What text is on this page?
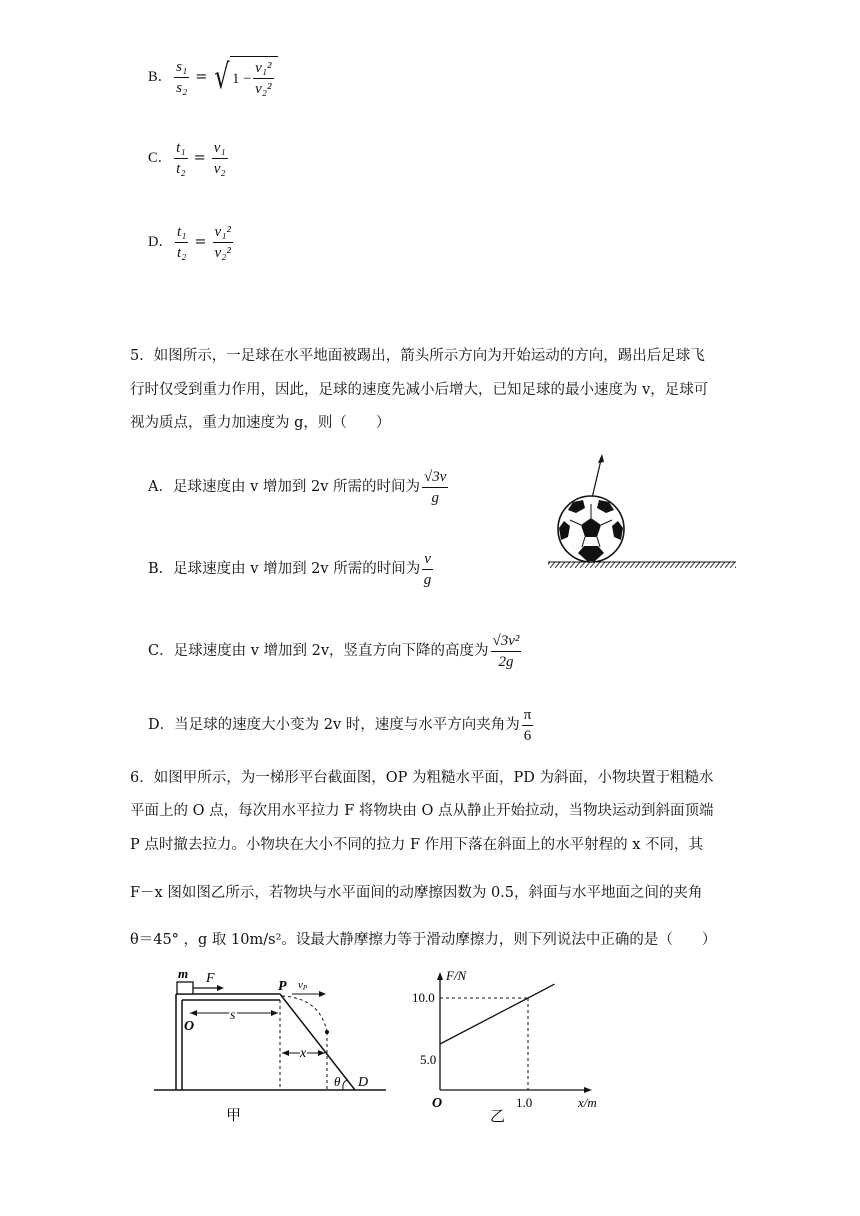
B． $\frac{\text{s₁}}{\text{s₂}}$ = √ $1 - \frac{\text{v₁²}}{\text{v₂²}}$
C． $\frac{\text{t₁}}{\text{t₂}} = \frac{\text{v₁}}{\text{v₂}}$
D． $\frac{\text{t₁}}{\text{t₂}} = \frac{\text{v₁²}}{\text{v₂²}}$
5．如图所示，一足球在水平地面被踢出，箭头所示方向为开始运动的方向，踢出后足球飞
行时仅受到重力作用，因此，足球的速度先减小后增大，已知足球的最小速度为 v，足球可
视为质点，重力加速度为 g，则（　　）
A．足球速度由 v 增加到 2v 所需的时间为 $\frac{√3v}{g}$
B．足球速度由 v 增加到 2v 所需的时间为 $\frac{v}{g}$
C．足球速度由 v 增加到 2v，竖直方向下降的高度为 $\frac{\text{√3v²}}{2g}$
D．当足球的速度大小变为 2v 时，速度与水平方向夹角为 $\frac{\pi}{6}$
6．如图甲所示，为一梯形平台截面图，OP 为粗糙水平面，PD 为斜面，小物块置于粗糙水
平面上的 O 点，每次用水平拉力 F 将物块由 O 点从静止开始拉动，当物块运动到斜面顶端
P 点时撤去拉力。小物块在大小不同的拉力 F 作用下落在斜面上的水平射程的 x 不同，其
F－x 图如图乙所示，若物块与水平面间的动摩擦因数为 0.5，斜面与水平地面之间的夹角
θ＝45° ，g 取 10m/s²。设最大静摩擦力等于滑动摩擦力，则下列说法中正确的是（　　）
m F
P vP
s
O
x
θ D
甲
F/N
x/m
O
10.0
5.0
1.0
乙
